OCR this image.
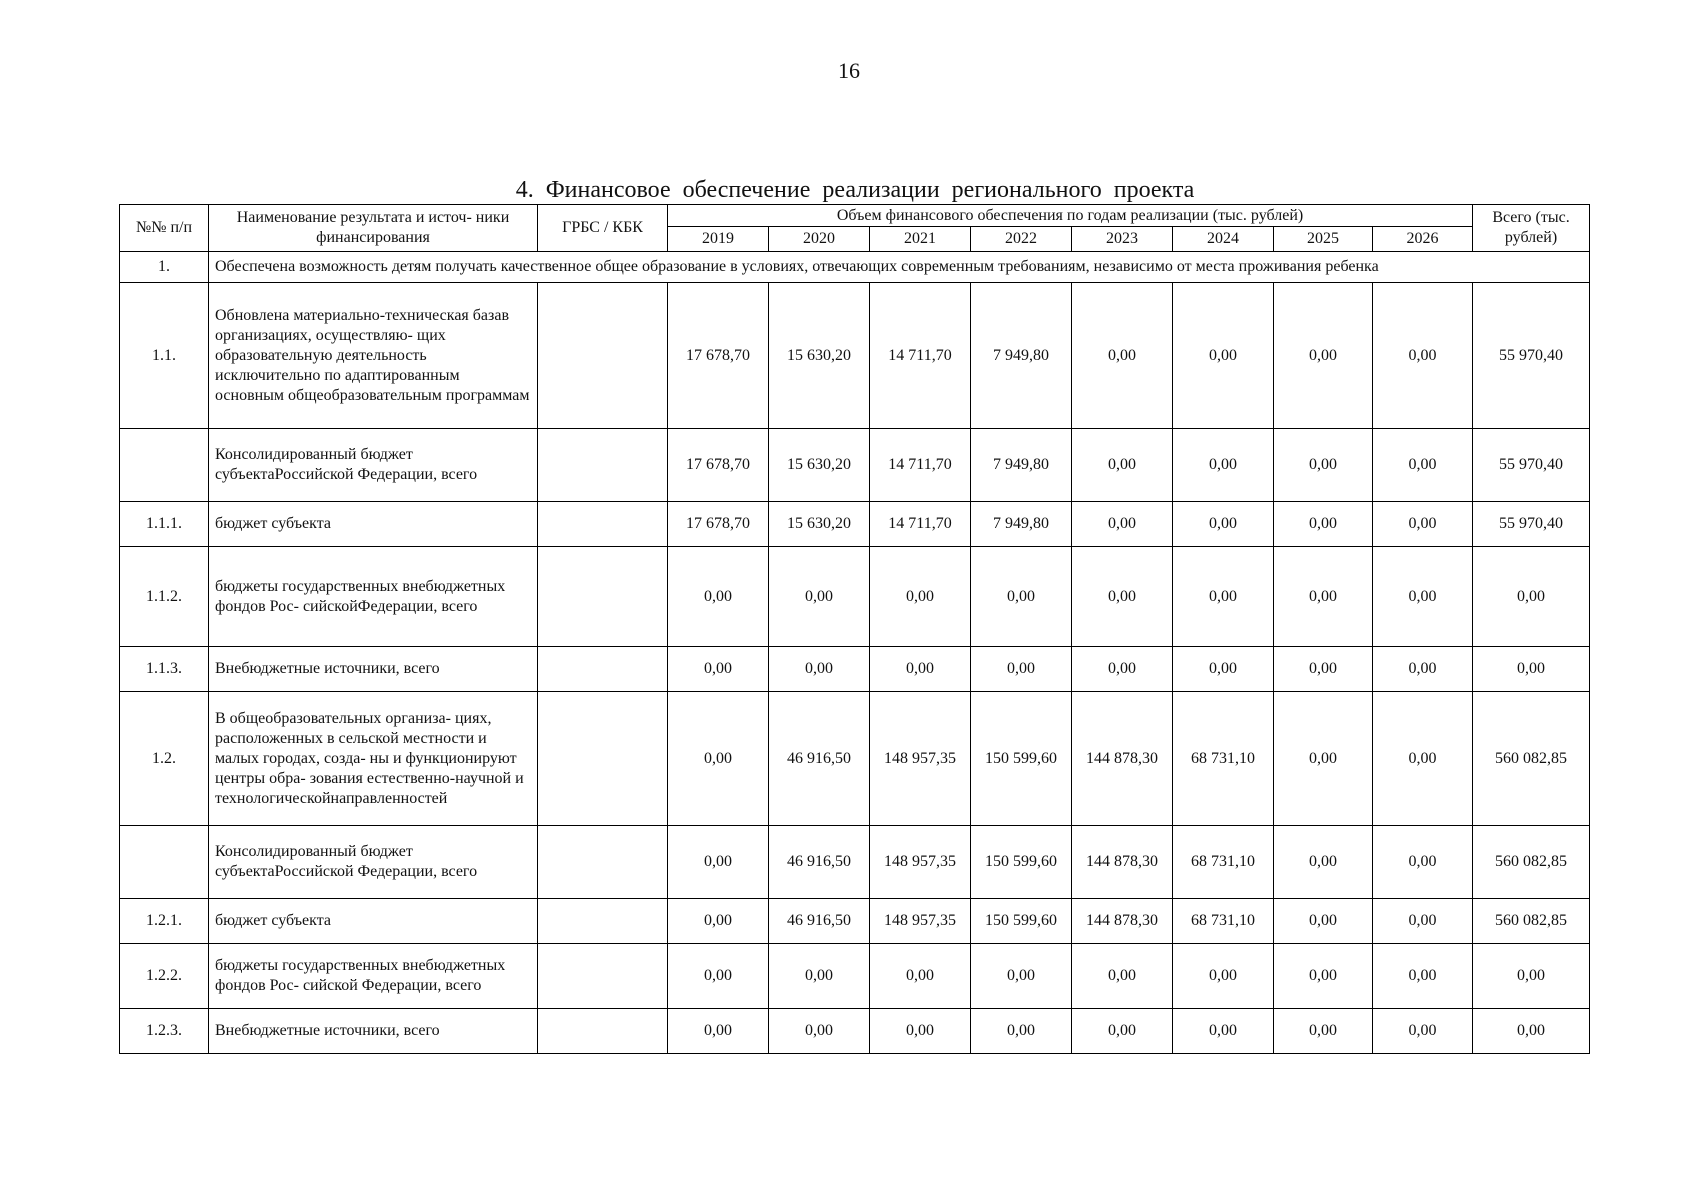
16
4. Финансовое обеспечение реализации регионального проекта
№№ п/п	Наименование результата и источ- ники финансирования	ГРБС / КБК	Объем финансового обеспечения по годам реализации (тыс. рублей)								Всего (тыс. рублей)
			2019	2020	2021	2022	2023	2024	2025	2026	
1.	Обеспечена возможность детям получать качественное общее образование в условиях, отвечающих современным требованиям, независимо от места проживания ребенка										
1.1.	Обновлена материально-техническая базав организациях, осуществляю- щих образовательную деятельность исключительно по адаптированным основным общеобразовательным программам		17 678,70	15 630,20	14 711,70	7 949,80	0,00	0,00	0,00	0,00	55 970,40
	Консолидированный бюджет субъектаРоссийской Федерации, всего		17 678,70	15 630,20	14 711,70	7 949,80	0,00	0,00	0,00	0,00	55 970,40
1.1.1.	бюджет субъекта		17 678,70	15 630,20	14 711,70	7 949,80	0,00	0,00	0,00	0,00	55 970,40
1.1.2.	бюджеты государственных внебюджетных фондов Рос- сийскойФедерации, всего		0,00	0,00	0,00	0,00	0,00	0,00	0,00	0,00	0,00
1.1.3.	Внебюджетные источники, всего		0,00	0,00	0,00	0,00	0,00	0,00	0,00	0,00	0,00
1.2.	В общеобразовательных организа- циях, расположенных в сельской местности и малых городах, созда- ны и функционируют центры обра- зования естественно-научной и технологическойнаправленностей		0,00	46 916,50	148 957,35	150 599,60	144 878,30	68 731,10	0,00	0,00	560 082,85
	Консолидированный бюджет субъектаРоссийской Федерации, всего		0,00	46 916,50	148 957,35	150 599,60	144 878,30	68 731,10	0,00	0,00	560 082,85
1.2.1.	бюджет субъекта		0,00	46 916,50	148 957,35	150 599,60	144 878,30	68 731,10	0,00	0,00	560 082,85
1.2.2.	бюджеты государственных внебюджетных фондов Рос- сийской Федерации, всего		0,00	0,00	0,00	0,00	0,00	0,00	0,00	0,00	0,00
1.2.3.	Внебюджетные источники, всего		0,00	0,00	0,00	0,00	0,00	0,00	0,00	0,00	0,00
